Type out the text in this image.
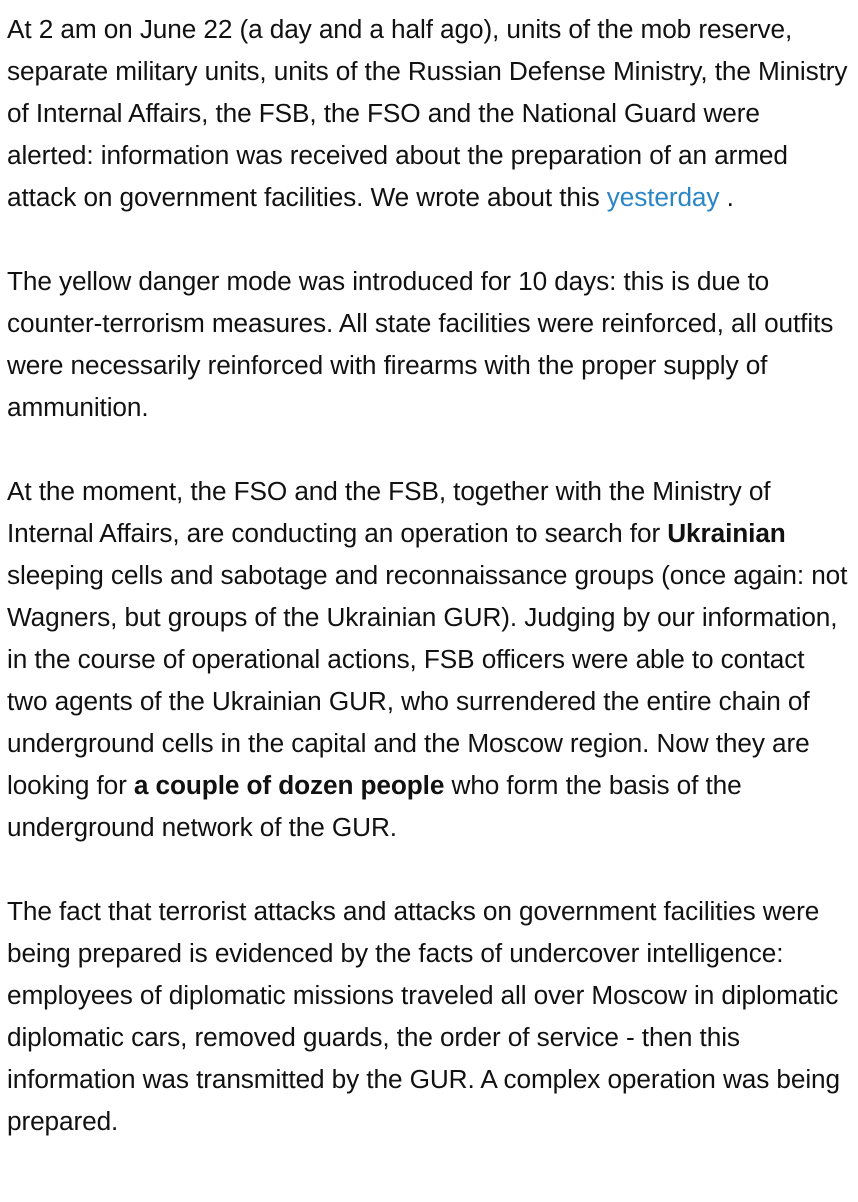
At 2 am on June 22 (a day and a half ago), units of the mob reserve, separate military units, units of the Russian Defense Ministry, the Ministry of Internal Affairs, the FSB, the FSO and the National Guard were alerted: information was received about the preparation of an armed attack on government facilities. We wrote about this yesterday .

The yellow danger mode was introduced for 10 days: this is due to counter-terrorism measures. All state facilities were reinforced, all outfits were necessarily reinforced with firearms with the proper supply of ammunition.

At the moment, the FSO and the FSB, together with the Ministry of Internal Affairs, are conducting an operation to search for Ukrainian sleeping cells and sabotage and reconnaissance groups (once again: not Wagners, but groups of the Ukrainian GUR). Judging by our information, in the course of operational actions, FSB officers were able to contact two agents of the Ukrainian GUR, who surrendered the entire chain of underground cells in the capital and the Moscow region. Now they are looking for a couple of dozen people who form the basis of the underground network of the GUR.

The fact that terrorist attacks and attacks on government facilities were being prepared is evidenced by the facts of undercover intelligence: employees of diplomatic missions traveled all over Moscow in diplomatic diplomatic cars, removed guards, the order of service - then this information was transmitted by the GUR. A complex operation was being prepared.
